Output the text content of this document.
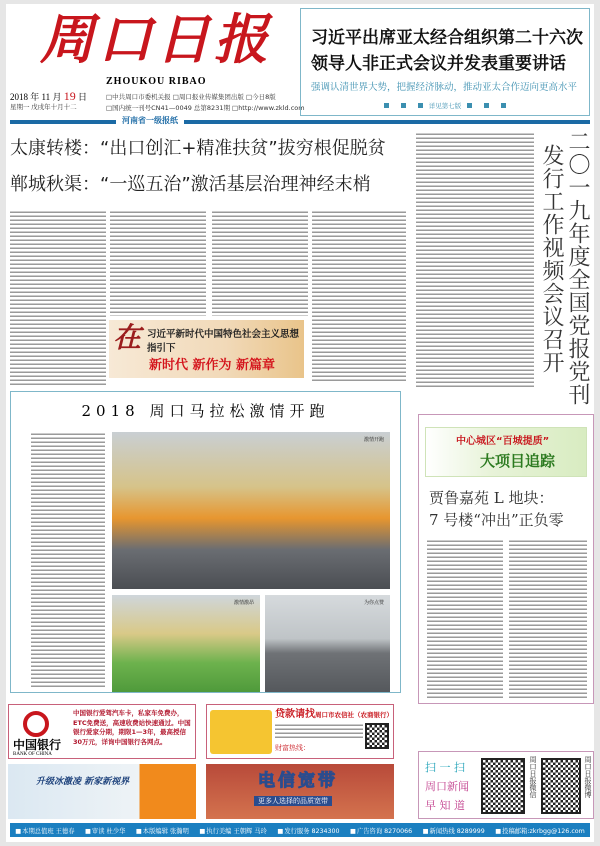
周口日报
ZHOUKOU RIBAO
2018 年 11 月 19 日
星期一 戊戌年十月十二
□中共周口市委机关报 □周口报业传媒集团出版 □今日8版
□国内统一刊号CN41—0049 总第8231期 □http://www.zkld.com
习近平出席亚太经合组织第二十六次
领导人非正式会议并发表重要讲话
强调认清世界大势，把握经济脉动，推动亚太合作迈向更高水平
详见第七版
河南省一级报纸
太康转楼：“出口创汇+精准扶贫”拔穷根促脱贫
郸城秋渠：“一巡五治”激活基层治理神经末梢
在 习近平新时代中国特色社会主义思想
指引下
新时代 新作为 新篇章	二〇一九年度全国党报党刊
发行工作视频会议召开
2018 周口马拉松激情开跑
激情开跑
激情激昂	为你点赞
中心城区“百城提质”
大项目追踪
贾鲁嘉苑 L 地块：
7 号楼“冲出”正负零
中国银行
BANK OF CHINA
中国银行爱驾汽车卡，私家车免费办，ETC免费送，高速收费站快速通过。中国银行爱家分期，期限1—3年，最高授信30万元，详询中国银行各网点。
贷款请找周口市农信社（农商银行）
财富热线：
升级冰激凌 新家新视界	电信宽带
更多人选择的品质宽带
扫 一 扫
周口新闻
早 知 道
周口日报微信	周口日报微博
■ 本期总值班 王德春	■ 审读 杜少华	■ 本版编辑 张瀚明	■ 执行美编 王朝辉 马玲	■ 发行服务 8234300	■ 广告咨询 8270066	■ 新闻热线 8289999	■ 投稿邮箱:zkrbgg@126.com
